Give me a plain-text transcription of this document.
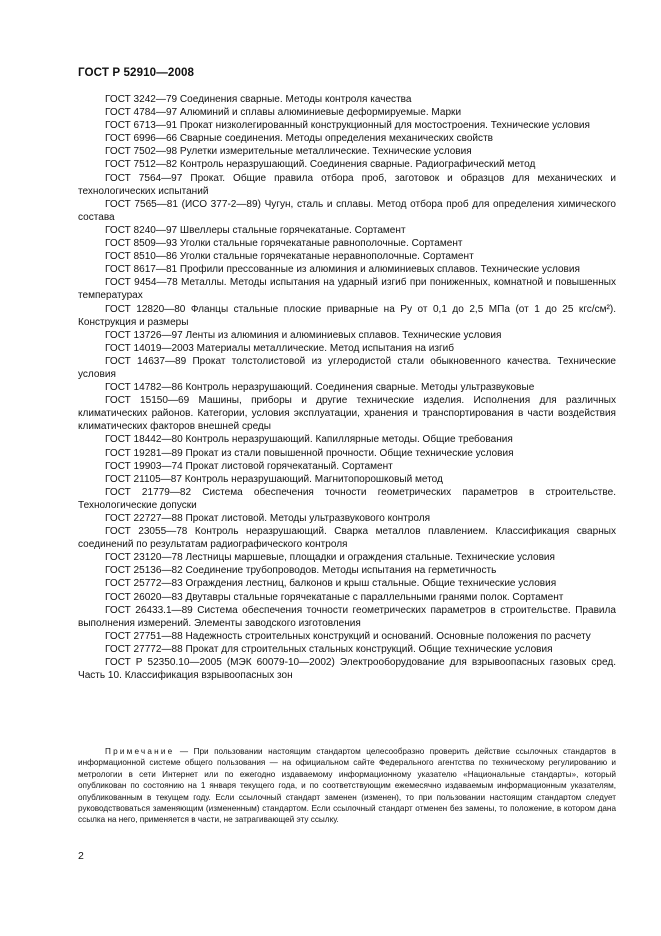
ГОСТ Р 52910—2008

ГОСТ 3242—79 Соединения сварные. Методы контроля качества

ГОСТ 4784—97 Алюминий и сплавы алюминиевые деформируемые. Марки

ГОСТ 6713—91 Прокат низколегированный конструкционный для мостостроения. Технические условия

ГОСТ 6996—66 Сварные соединения. Методы определения механических свойств

ГОСТ 7502—98 Рулетки измерительные металлические. Технические условия

ГОСТ 7512—82 Контроль неразрушающий. Соединения сварные. Радиографический метод

ГОСТ 7564—97 Прокат. Общие правила отбора проб, заготовок и образцов для механических и технологических испытаний

ГОСТ 7565—81 (ИСО 377-2—89) Чугун, сталь и сплавы. Метод отбора проб для определения химического состава

ГОСТ 8240—97 Швеллеры стальные горячекатаные. Сортамент

ГОСТ 8509—93 Уголки стальные горячекатаные равнополочные. Сортамент

ГОСТ 8510—86 Уголки стальные горячекатаные неравнополочные. Сортамент

ГОСТ 8617—81 Профили прессованные из алюминия и алюминиевых сплавов. Технические условия

ГОСТ 9454—78 Металлы. Методы испытания на ударный изгиб при пониженных, комнатной и повышенных температурах

ГОСТ 12820—80 Фланцы стальные плоские приварные на Pу от 0,1 до 2,5 МПа (от 1 до 25 кгс/см²). Конструкция и размеры

ГОСТ 13726—97 Ленты из алюминия и алюминиевых сплавов. Технические условия

ГОСТ 14019—2003 Материалы металлические. Метод испытания на изгиб

ГОСТ 14637—89 Прокат толстолистовой из углеродистой стали обыкновенного качества. Технические условия

ГОСТ 14782—86 Контроль неразрушающий. Соединения сварные. Методы ультразвуковые

ГОСТ 15150—69 Машины, приборы и другие технические изделия. Исполнения для различных климатических районов. Категории, условия эксплуатации, хранения и транспортирования в части воздействия климатических факторов внешней среды

ГОСТ 18442—80 Контроль неразрушающий. Капиллярные методы. Общие требования

ГОСТ 19281—89 Прокат из стали повышенной прочности. Общие технические условия

ГОСТ 19903—74 Прокат листовой горячекатаный. Сортамент

ГОСТ 21105—87 Контроль неразрушающий. Магнитопорошковый метод

ГОСТ 21779—82 Система обеспечения точности геометрических параметров в строительстве. Технологические допуски

ГОСТ 22727—88 Прокат листовой. Методы ультразвукового контроля

ГОСТ 23055—78 Контроль неразрушающий. Сварка металлов плавлением. Классификация сварных соединений по результатам радиографического контроля

ГОСТ 23120—78 Лестницы маршевые, площадки и ограждения стальные. Технические условия

ГОСТ 25136—82 Соединение трубопроводов. Методы испытания на герметичность

ГОСТ 25772—83 Ограждения лестниц, балконов и крыш стальные. Общие технические условия

ГОСТ 26020—83 Двутавры стальные горячекатаные с параллельными гранями полок. Сортамент

ГОСТ 26433.1—89 Система обеспечения точности геометрических параметров в строительстве. Правила выполнения измерений. Элементы заводского изготовления

ГОСТ 27751—88 Надежность строительных конструкций и оснований. Основные положения по расчету

ГОСТ 27772—88 Прокат для строительных стальных конструкций. Общие технические условия

ГОСТ Р 52350.10—2005 (МЭК 60079-10—2002) Электрооборудование для взрывоопасных газовых сред. Часть 10. Классификация взрывоопасных зон

Примечание — При пользовании настоящим стандартом целесообразно проверить действие ссылочных стандартов в информационной системе общего пользования — на официальном сайте Федерального агентства по техническому регулированию и метрологии в сети Интернет или по ежегодно издаваемому информационному указателю «Национальные стандарты», который опубликован по состоянию на 1 января текущего года, и по соответствующим ежемесячно издаваемым информационным указателям, опубликованным в текущем году. Если ссылочный стандарт заменен (изменен), то при пользовании настоящим стандартом следует руководствоваться заменяющим (измененным) стандартом. Если ссылочный стандарт отменен без замены, то положение, в котором дана ссылка на него, применяется в части, не затрагивающей эту ссылку.

2
